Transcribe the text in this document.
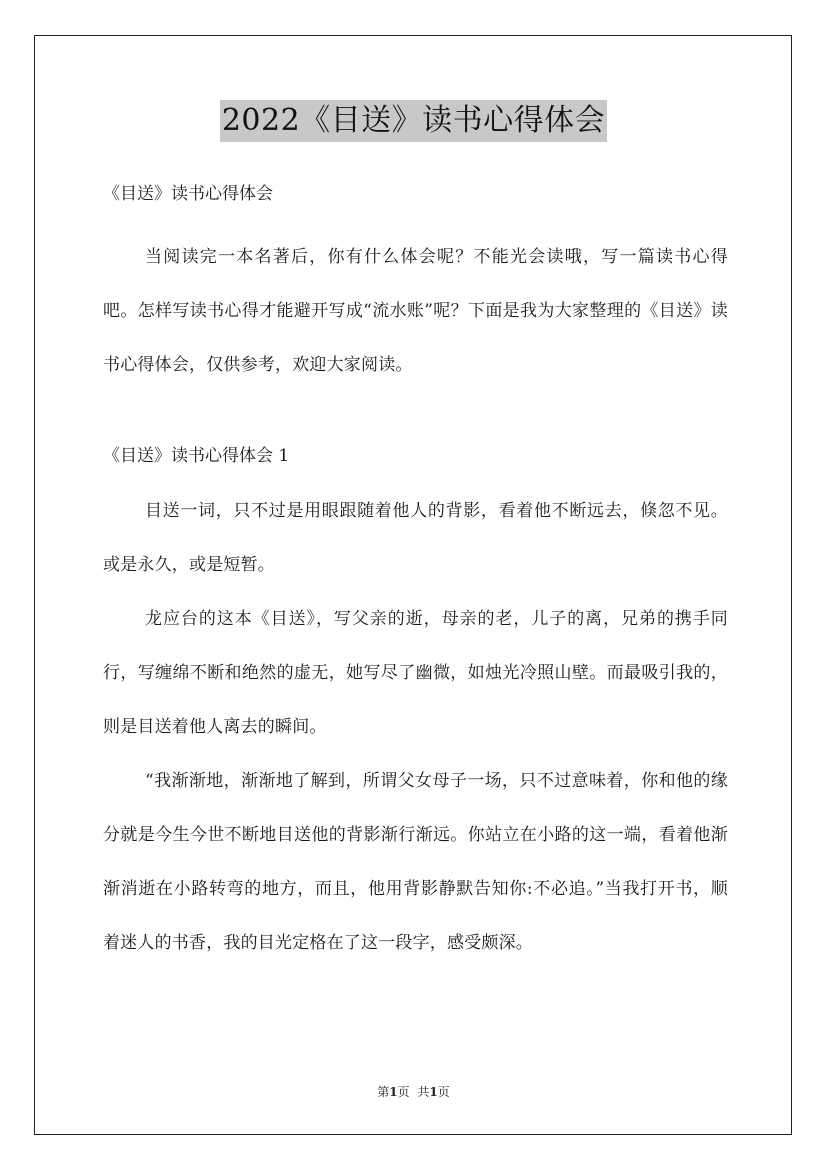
2022《目送》读书心得体会

《目送》读书心得体会

当阅读完一本名著后，你有什么体会呢？不能光会读哦，写一篇读书心得吧。怎样写读书心得才能避开写成“流水账”呢？下面是我为大家整理的《目送》读书心得体会，仅供参考，欢迎大家阅读。

《目送》读书心得体会 1

目送一词，只不过是用眼跟随着他人的背影，看着他不断远去，倏忽不见。或是永久，或是短暂。

龙应台的这本《目送》，写父亲的逝，母亲的老，儿子的离，兄弟的携手同行，写缠绵不断和绝然的虚无，她写尽了幽微，如烛光冷照山壁。而最吸引我的，则是目送着他人离去的瞬间。

“我渐渐地，渐渐地了解到，所谓父女母子一场，只不过意味着，你和他的缘分就是今生今世不断地目送他的背影渐行渐远。你站立在小路的这一端，看着他渐渐消逝在小路转弯的地方，而且，他用背影静默告知你:不必追。”当我打开书，顺着迷人的书香，我的目光定格在了这一段字，感受颇深。

第1页 共1页
